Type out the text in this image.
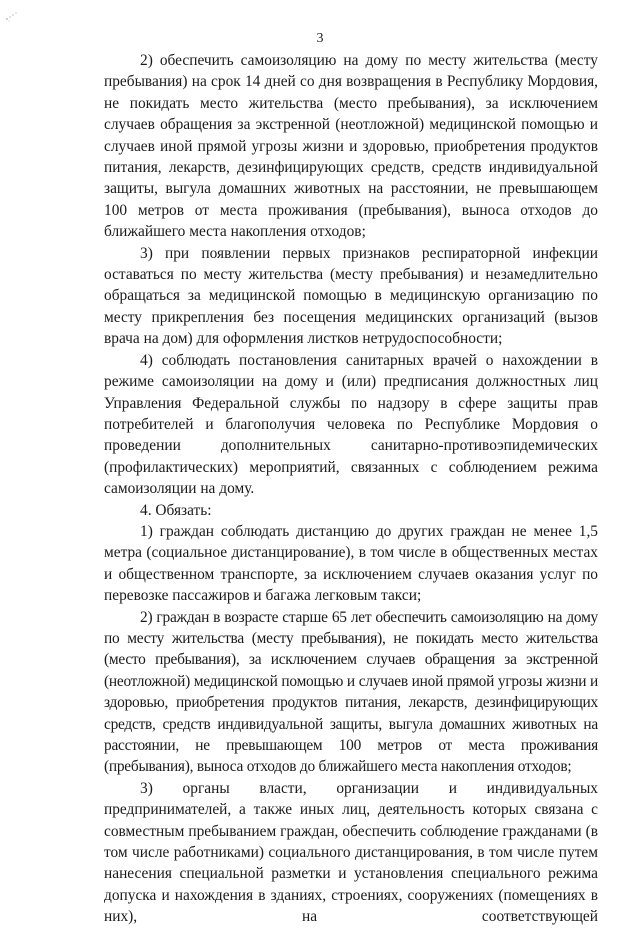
3

2) обеспечить самоизоляцию на дому по месту жительства (месту пребывания) на срок 14 дней со дня возвращения в Республику Мордовия, не покидать место жительства (место пребывания), за исключением случаев обращения за экстренной (неотложной) медицинской помощью и случаев иной прямой угрозы жизни и здоровью, приобретения продуктов питания, лекарств, дезинфицирующих средств, средств индивидуальной защиты, выгула домашних животных на расстоянии, не превышающем 100 метров от места проживания (пребывания), выноса отходов до ближайшего места накопления отходов;

3) при появлении первых признаков респираторной инфекции оставаться по месту жительства (месту пребывания) и незамедлительно обращаться за медицинской помощью в медицинскую организацию по месту прикрепления без посещения медицинских организаций (вызов врача на дом) для оформления листков нетрудоспособности;

4) соблюдать постановления санитарных врачей о нахождении в режиме самоизоляции на дому и (или) предписания должностных лиц Управления Федеральной службы по надзору в сфере защиты прав потребителей и благополучия человека по Республике Мордовия о проведении дополнительных санитарно-противоэпидемических (профилактических) мероприятий, связанных с соблюдением режима самоизоляции на дому.

4. Обязать:

1) граждан соблюдать дистанцию до других граждан не менее 1,5 метра (социальное дистанцирование), в том числе в общественных местах и общественном транспорте, за исключением случаев оказания услуг по перевозке пассажиров и багажа легковым такси;

2) граждан в возрасте старше 65 лет обеспечить самоизоляцию на дому по месту жительства (месту пребывания), не покидать место жительства (место пребывания), за исключением случаев обращения за экстренной (неотложной) медицинской помощью и случаев иной прямой угрозы жизни и здоровью, приобретения продуктов питания, лекарств, дезинфицирующих средств, средств индивидуальной защиты, выгула домашних животных на расстоянии, не превышающем 100 метров от места проживания (пребывания), выноса отходов до ближайшего места накопления отходов;

3) органы власти, организации и индивидуальных предпринимателей, а также иных лиц, деятельность которых связана с совместным пребыванием граждан, обеспечить соблюдение гражданами (в том числе работниками) социального дистанцирования, в том числе путем нанесения специальной разметки и установления специального режима допуска и нахождения в зданиях, строениях, сооружениях (помещениях в них), на соответствующей
